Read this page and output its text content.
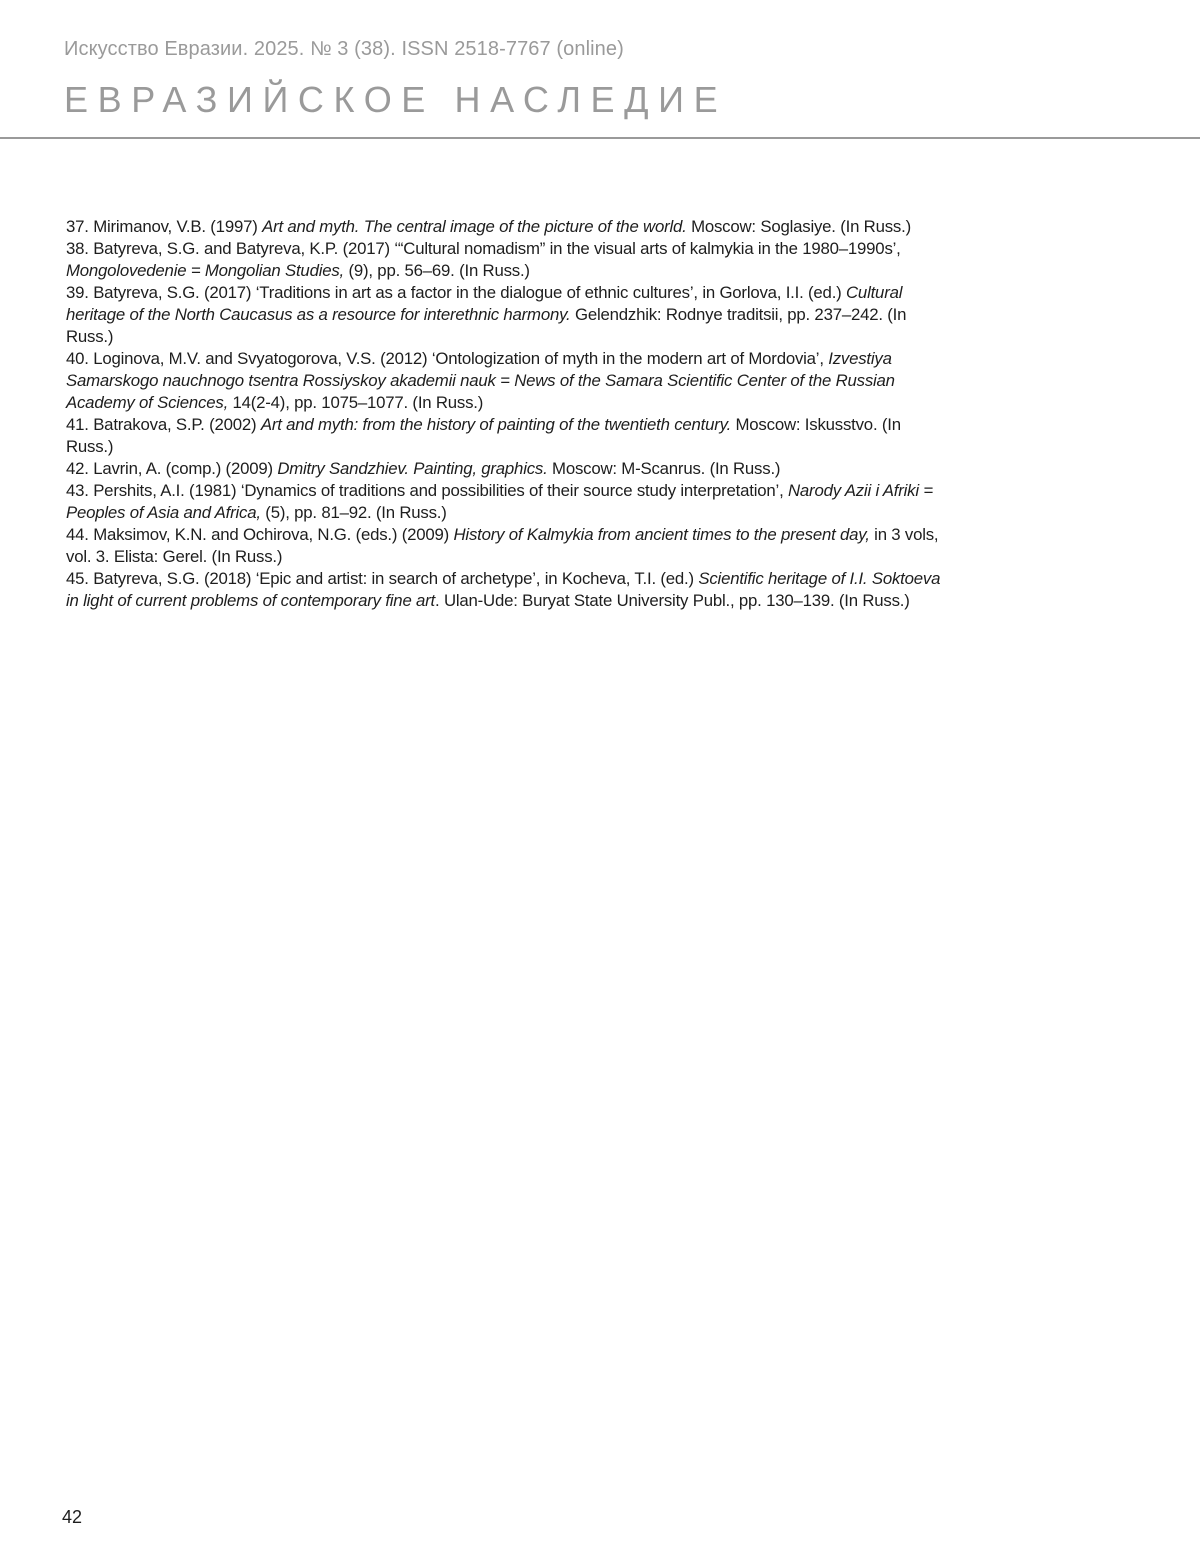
Искусство Евразии. 2025. № 3 (38). ISSN 2518-7767 (online)
ЕВРАЗИЙСКОЕ НАСЛЕДИЕ

37. Mirimanov, V.B. (1997) Art and myth. The central image of the picture of the world. Moscow: Soglasiye. (In Russ.)

38. Batyreva, S.G. and Batyreva, K.P. (2017) ‘“Cultural nomadism” in the visual arts of kalmykia in the 1980–1990s’, Mongolovedenie = Mongolian Studies, (9), pp. 56–69. (In Russ.)

39. Batyreva, S.G. (2017) ‘Traditions in art as a factor in the dialogue of ethnic cultures’, in Gorlova, I.I. (ed.) Cultural heritage of the North Caucasus as a resource for interethnic harmony. Gelendzhik: Rodnye traditsii, pp. 237–242. (In Russ.)

40. Loginova, M.V. and Svyatogorova, V.S. (2012) ‘Ontologization of myth in the modern art of Mordovia’, Izvestiya Samarskogo nauchnogo tsentra Rossiyskoy akademii nauk = News of the Samara Scientific Center of the Russian Academy of Sciences, 14(2-4), pp. 1075–1077. (In Russ.)

41. Batrakova, S.P. (2002) Art and myth: from the history of painting of the twentieth century. Moscow: Iskusstvo. (In Russ.)

42. Lavrin, A. (comp.) (2009) Dmitry Sandzhiev. Painting, graphics. Moscow: M-Scanrus. (In Russ.)

43. Pershits, A.I. (1981) ‘Dynamics of traditions and possibilities of their source study interpretation’, Narody Azii i Afriki = Peoples of Asia and Africa, (5), pp. 81–92. (In Russ.)

44. Maksimov, K.N. and Ochirova, N.G. (eds.) (2009) History of Kalmykia from ancient times to the present day, in 3 vols, vol. 3. Elista: Gerel. (In Russ.)

45. Batyreva, S.G. (2018) ‘Epic and artist: in search of archetype’, in Kocheva, T.I. (ed.) Scientific heritage of I.I. Soktoeva in light of current problems of contemporary fine art. Ulan-Ude: Buryat State University Publ., pp. 130–139. (In Russ.)

42
